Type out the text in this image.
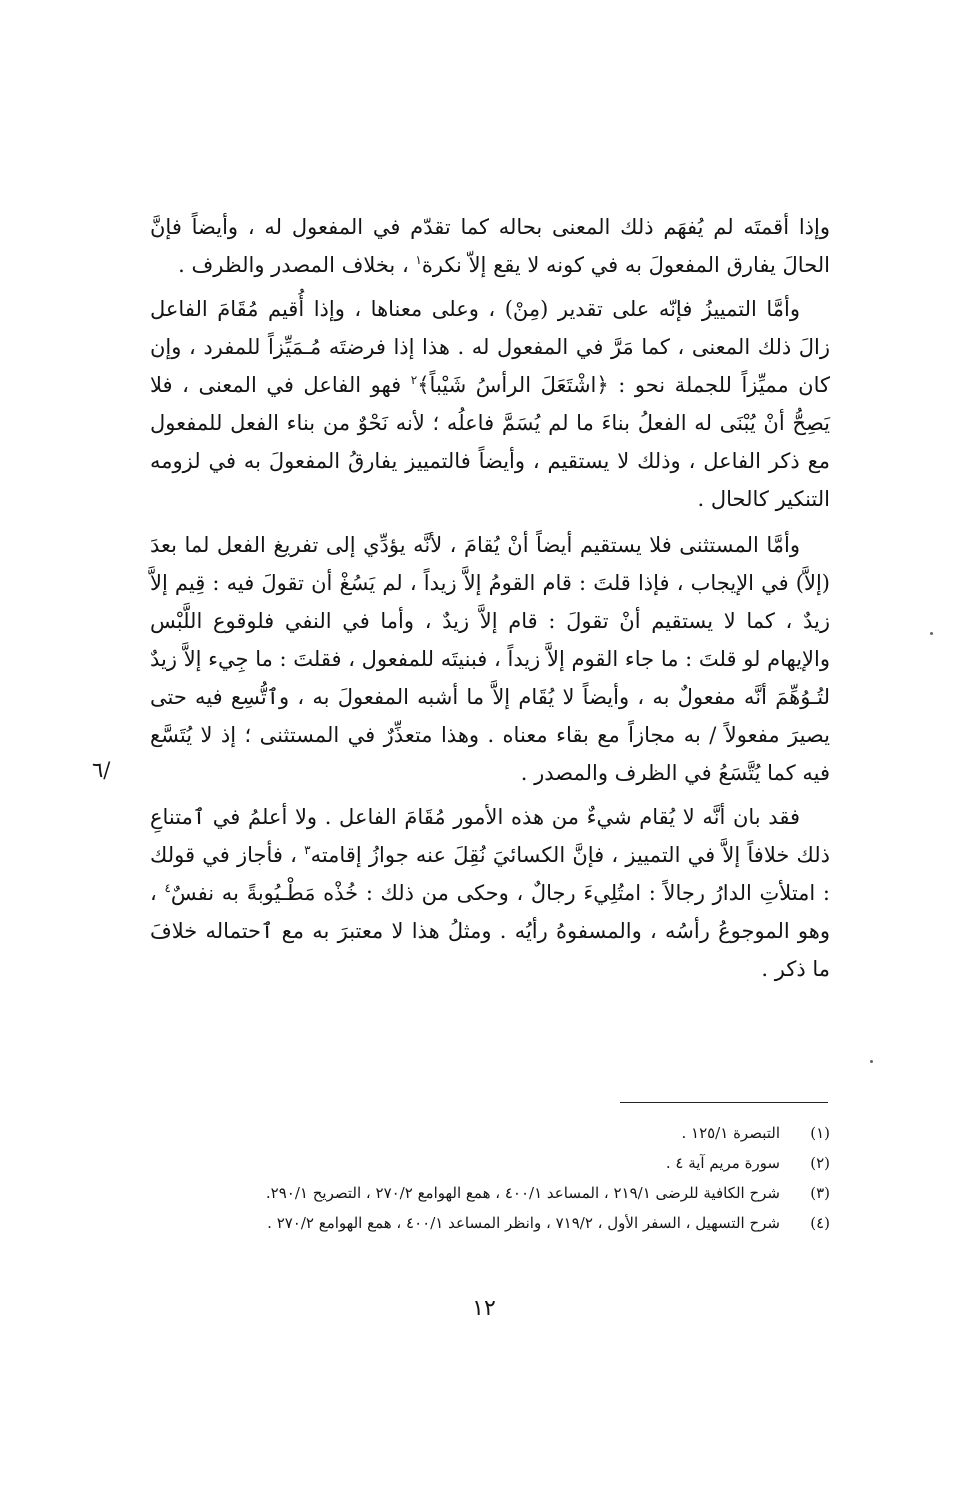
وإذا أقمتَه لم يُفهَم ذلك المعنى بحاله كما تقدّم في المفعول له ، وأيضاً فإنَّ الحالَ يفارق المفعولَ به في كونه لا يقع إلاّ نكرة$^١$ ، بخلاف المصدر والظرف .

وأمَّا التمييزُ فإنّه على تقدير (مِنْ) ، وعلى معناها ، وإذا أُقيم مُقَامَ الفاعل زالَ ذلك المعنى ، كما مَرَّ في المفعول له . هذا إذا فرضتَه مُـمَيِّزاً للمفرد ، وإن كان مميِّزاً للجملة نحو : ﴿اشْتَعَلَ الرأسُ شَيْباً﴾$^٢$ فهو الفاعل في المعنى ، فلا يَصِحُّ أنْ يُبْنَى له الفعلُ بناءَ ما لم يُسَمَّ فاعلُه ؛ لأنه نَحْوٌ من بناء الفعل للمفعول مع ذكر الفاعل ، وذلك لا يستقيم ، وأيضاً فالتمييز يفارقُ المفعولَ به في لزومه التنكير كالحال .

وأمَّا المستثنى فلا يستقيم أيضاً أنْ يُقامَ ، لأنَّه يؤدِّي إلى تفريغ الفعل لما بعدَ (إلاَّ) في الإيجاب ، فإذا قلتَ : قام القومُ إلاَّ زيداً ، لم يَسُغْ أن تقولَ فيه : قِيم إلاَّ زيدٌ ، كما لا يستقيم أنْ تقولَ : قام إلاَّ زيدٌ ، وأما في النفي فلوقوع اللَّبْس والإيهام لو قلتَ : ما جاء القوم إلاَّ زيداً ، فبنيتَه للمفعول ، فقلتَ : ما جِيء إلاَّ زيدٌ لتُـوُهِّمَ أنَّه مفعولٌ به ، وأيضاً لا يُقَام إلاَّ ما أشبه المفعولَ به ، وٱتُّسِع فيه حتى يصيرَ مفعولاً / به مجازاً مع بقاء معناه . وهذا متعذِّرٌ في المستثنى ؛ إذ لا يُتَسَّع فيه كما يُتَّسَعُ في الظرف والمصدر .

فقد بان أنَّه لا يُقام شيءٌ من هذه الأمور مُقَامَ الفاعل . ولا أعلمُ في ٱمتناعِ ذلك خلافاً إلاَّ في التمييز ، فإنَّ الكسائيَ نُقِلَ عنه جوازُ إقامته$^٣$ ، فأجاز في قولك : امتلأتِ الدارُ رجالاً : امتُلِيءَ رجالٌ ، وحكى من ذلك : خُذْه مَطْـيُوبةً به نفسٌ$^٤$ ، وهو الموجوعُ رأسُه ، والمسفوهُ رأيُه . ومثلُ هذا لا معتبرَ به مع ٱحتماله خلافَ ما ذكر .

/٦
(١)
التبصرة ١٢٥/١ .
(٢)
سورة مريم آية ٤ .
(٣)
شرح الكافية للرضى ٢١٩/١ ، المساعد ٤٠٠/١ ، همع الهوامع ٢٧٠/٢ ، التصريح ٢٩٠/١.
(٤)
شرح التسهيل ، السفر الأول ، ٧١٩/٢ ، وانظر المساعد ٤٠٠/١ ، همع الهوامع ٢٧٠/٢ .
١٢
